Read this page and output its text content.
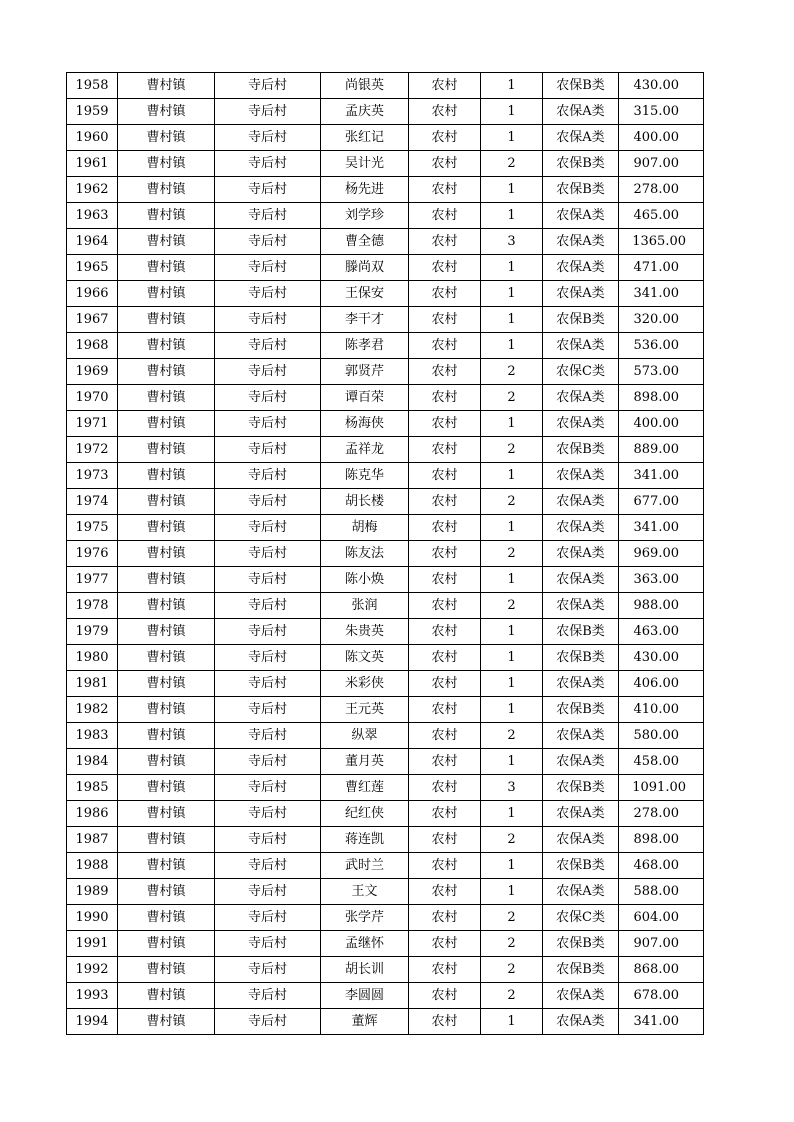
1958	曹村镇	寺后村	尚银英	农村	1	农保B类	430.00
1959	曹村镇	寺后村	孟庆英	农村	1	农保A类	315.00
1960	曹村镇	寺后村	张红记	农村	1	农保A类	400.00
1961	曹村镇	寺后村	吴计光	农村	2	农保B类	907.00
1962	曹村镇	寺后村	杨先进	农村	1	农保B类	278.00
1963	曹村镇	寺后村	刘学珍	农村	1	农保A类	465.00
1964	曹村镇	寺后村	曹全德	农村	3	农保A类	1365.00
1965	曹村镇	寺后村	滕尚双	农村	1	农保A类	471.00
1966	曹村镇	寺后村	王保安	农村	1	农保A类	341.00
1967	曹村镇	寺后村	李干才	农村	1	农保B类	320.00
1968	曹村镇	寺后村	陈孝君	农村	1	农保A类	536.00
1969	曹村镇	寺后村	郭贤芹	农村	2	农保C类	573.00
1970	曹村镇	寺后村	谭百荣	农村	2	农保A类	898.00
1971	曹村镇	寺后村	杨海侠	农村	1	农保A类	400.00
1972	曹村镇	寺后村	孟祥龙	农村	2	农保B类	889.00
1973	曹村镇	寺后村	陈克华	农村	1	农保A类	341.00
1974	曹村镇	寺后村	胡长楼	农村	2	农保A类	677.00
1975	曹村镇	寺后村	胡梅	农村	1	农保A类	341.00
1976	曹村镇	寺后村	陈友法	农村	2	农保A类	969.00
1977	曹村镇	寺后村	陈小焕	农村	1	农保A类	363.00
1978	曹村镇	寺后村	张润	农村	2	农保A类	988.00
1979	曹村镇	寺后村	朱贵英	农村	1	农保B类	463.00
1980	曹村镇	寺后村	陈文英	农村	1	农保B类	430.00
1981	曹村镇	寺后村	米彩侠	农村	1	农保A类	406.00
1982	曹村镇	寺后村	王元英	农村	1	农保B类	410.00
1983	曹村镇	寺后村	纵翠	农村	2	农保A类	580.00
1984	曹村镇	寺后村	董月英	农村	1	农保A类	458.00
1985	曹村镇	寺后村	曹红莲	农村	3	农保B类	1091.00
1986	曹村镇	寺后村	纪红侠	农村	1	农保A类	278.00
1987	曹村镇	寺后村	蒋连凯	农村	2	农保A类	898.00
1988	曹村镇	寺后村	武时兰	农村	1	农保B类	468.00
1989	曹村镇	寺后村	王文	农村	1	农保A类	588.00
1990	曹村镇	寺后村	张学芹	农村	2	农保C类	604.00
1991	曹村镇	寺后村	孟继怀	农村	2	农保B类	907.00
1992	曹村镇	寺后村	胡长训	农村	2	农保B类	868.00
1993	曹村镇	寺后村	李圆圆	农村	2	农保A类	678.00
1994	曹村镇	寺后村	董辉	农村	1	农保A类	341.00
